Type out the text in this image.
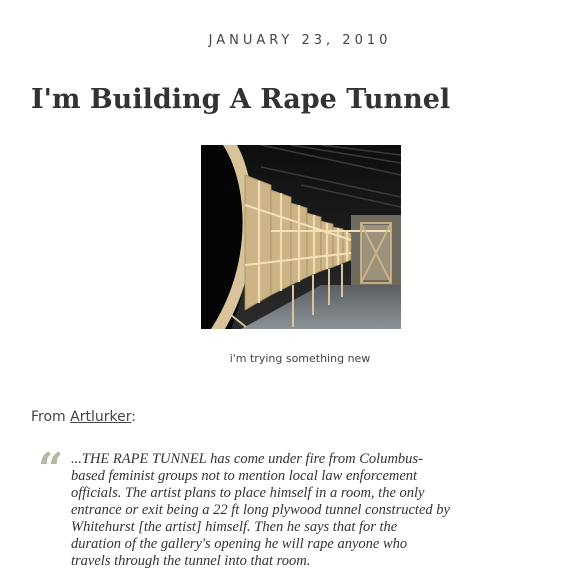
JANUARY 23, 2010
I'm Building A Rape Tunnel
i'm trying something new
From Artlurker:
“ ...THE RAPE TUNNEL has come under fire from Columbus-
based feminist groups not to mention local law enforcement
officials. The artist plans to place himself in a room, the only
entrance or exit being a 22 ft long plywood tunnel constructed by
Whitehurst [the artist] himself. Then he says that for the
duration of the gallery's opening he will rape anyone who
travels through the tunnel into that room.
